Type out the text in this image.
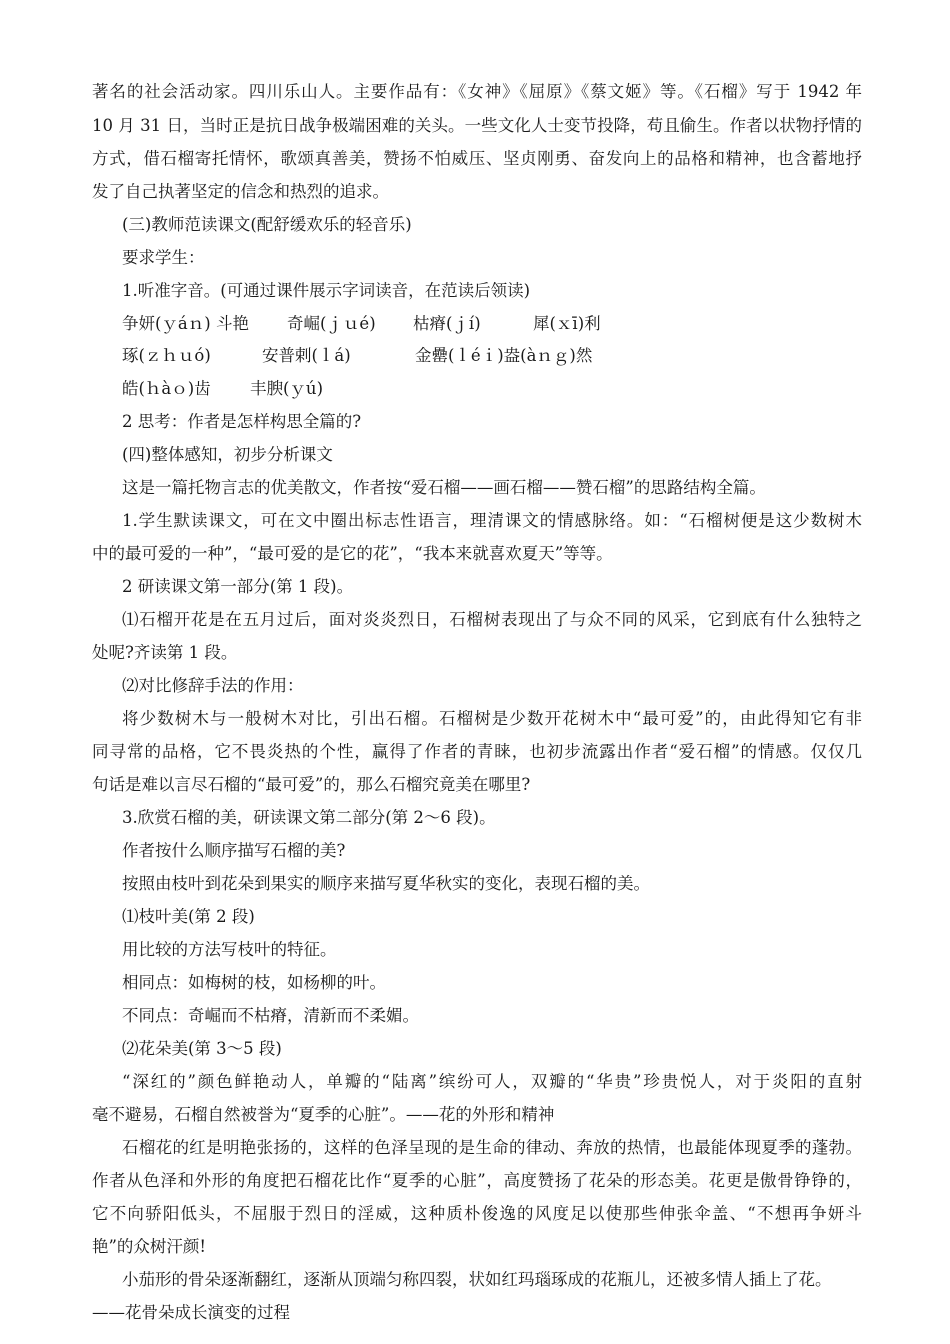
著名的社会活动家。四川乐山人。主要作品有：《女神》《屈原》《蔡文姬》等。《石榴》写于 1942 年
10 月 31 日，当时正是抗日战争极端困难的关头。一些文化人士变节投降，苟且偷生。作者以状物抒情的
方式，借石榴寄托情怀，歌颂真善美，赞扬不怕威压、坚贞刚勇、奋发向上的品格和精神，也含蓄地抒
发了自己执著坚定的信念和热烈的追求。
(三)教师范读课文(配舒缓欢乐的轻音乐)
要求学生：
1.听准字音。(可通过课件展示字词读音，在范读后领读)
争妍(ｙáｎ) 斗艳 奇崛(ｊｕé) 枯瘠(ｊí)	犀(ｘī)利
琢(ｚｈｕó)	安普剌(ｌá)	金罍(ｌéｉ)盎(àｎｇ)然
皓(ｈàｏ)齿 丰腴(ｙú)
2 思考：作者是怎样构思全篇的?
(四)整体感知，初步分析课文
这是一篇托物言志的优美散文，作者按“爱石榴——画石榴——赞石榴”的思路结构全篇。
1.学生默读课文，可在文中圈出标志性语言，理清课文的情感脉络。如：“石榴树便是这少数树木
中的最可爱的一种”，“最可爱的是它的花”，“我本来就喜欢夏天”等等。
2 研读课文第一部分(第 1 段)。
⑴石榴开花是在五月过后，面对炎炎烈日，石榴树表现出了与众不同的风采，它到底有什么独特之
处呢?齐读第 1 段。
⑵对比修辞手法的作用：
将少数树木与一般树木对比，引出石榴。石榴树是少数开花树木中“最可爱”的，由此得知它有非
同寻常的品格，它不畏炎热的个性，赢得了作者的青睐，也初步流露出作者“爱石榴”的情感。仅仅几
句话是难以言尽石榴的“最可爱”的，那么石榴究竟美在哪里?
3.欣赏石榴的美，研读课文第二部分(第 2～6 段)。
作者按什么顺序描写石榴的美?
按照由枝叶到花朵到果实的顺序来描写夏华秋实的变化，表现石榴的美。
⑴枝叶美(第 2 段)
用比较的方法写枝叶的特征。
相同点：如梅树的枝，如杨柳的叶。
不同点：奇崛而不枯瘠，清新而不柔媚。
⑵花朵美(第 3～5 段)
“深红的”颜色鲜艳动人，单瓣的“陆离”缤纷可人，双瓣的“华贵”珍贵悦人，对于炎阳的直射
毫不避易，石榴自然被誉为“夏季的心脏”。——花的外形和精神
石榴花的红是明艳张扬的，这样的色泽呈现的是生命的律动、奔放的热情，也最能体现夏季的蓬勃。
作者从色泽和外形的角度把石榴花比作“夏季的心脏”，高度赞扬了花朵的形态美。花更是傲骨铮铮的，
它不向骄阳低头，不屈服于烈日的淫威，这种质朴俊逸的风度足以使那些伸张伞盖、“不想再争妍斗
艳”的众树汗颜!
小茄形的骨朵逐渐翻红，逐渐从顶端匀称四裂，状如红玛瑙琢成的花瓶儿，还被多情人插上了花。
——花骨朵成长演变的过程
